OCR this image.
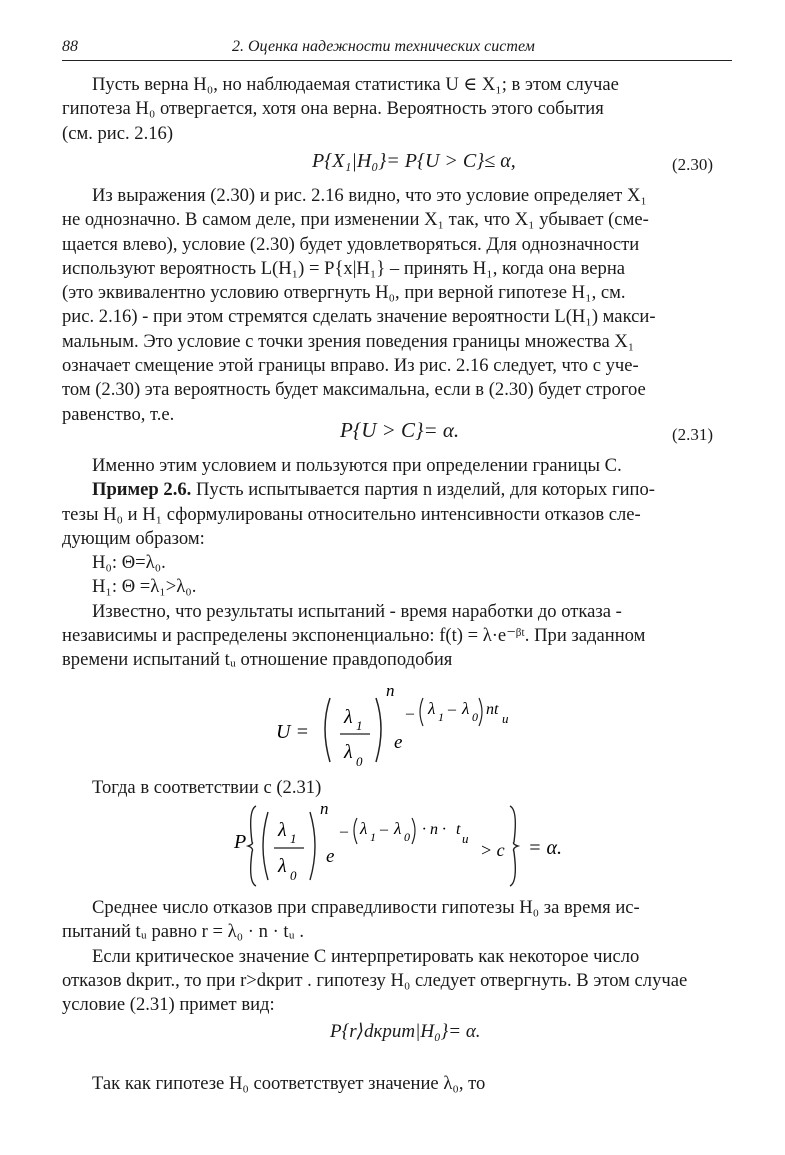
88	2. Оценка надежности технических систем

Пусть верна H₀, но наблюдаемая статистика U ∈ X₁; в этом случае

гипотеза H₀ отвергается, хотя она верна. Вероятность этого события

(см. рис. 2.16)

P{X₁|H₀}= P{U > C}≤ α,	(2.30)

Из выражения (2.30) и рис. 2.16 видно, что это условие определяет X₁

не однозначно. В самом деле, при изменении X₁ так, что X₁ убывает (сме-

щается влево), условие (2.30) будет удовлетворяться. Для однозначности

используют вероятность L(H₁) = P{x|H₁} – принять H₁, когда она верна

(это эквивалентно условию отвергнуть H₀, при верной гипотезе H₁, см.

рис. 2.16) - при этом стремятся сделать значение вероятности L(H₁) макси-

мальным. Это условие с точки зрения поведения границы множества X₁

означает смещение этой границы вправо. Из рис. 2.16 следует, что с уче-

том (2.30) эта вероятность будет максимальна, если в (2.30) будет строгое

равенство, т.е.

P{U > C}= α.	(2.31)

Именно этим условием и пользуются при определении границы C.

Пример 2.6. Пусть испытывается партия n изделий, для которых гипо-

тезы H₀ и H₁ сформулированы относительно интенсивности отказов сле-

дующим образом:

H₀: Θ=λ₀.

H₁: Θ =λ₁>λ₀.

Известно, что результаты испытаний - время наработки до отказа -

независимы и распределены экспоненциально: f(t) = λ·e⁻ᵝᵗ. При заданном

времени испытаний tᵤ отношение правдоподобия

U =
λ 1
λ 0
n
e
– λ 1 – λ 0 nt
u

Тогда в соответствии с (2.31)

P
λ 1
λ 0
n
e
– λ 1 – λ 0 · n · t
u
> c = α.

Среднее число отказов при справедливости гипотезы H₀ за время ис-

пытаний tᵤ равно r = λ₀ · n · tᵤ .

Если критическое значение C интерпретировать как некоторое число

отказов dкрит., то при r>dкрит . гипотезу H₀ следует отвергнуть. В этом случае

условие (2.31) примет вид:

P{r⟩dкрит|H₀}= α.

Так как гипотезе H₀ соответствует значение λ₀, то
